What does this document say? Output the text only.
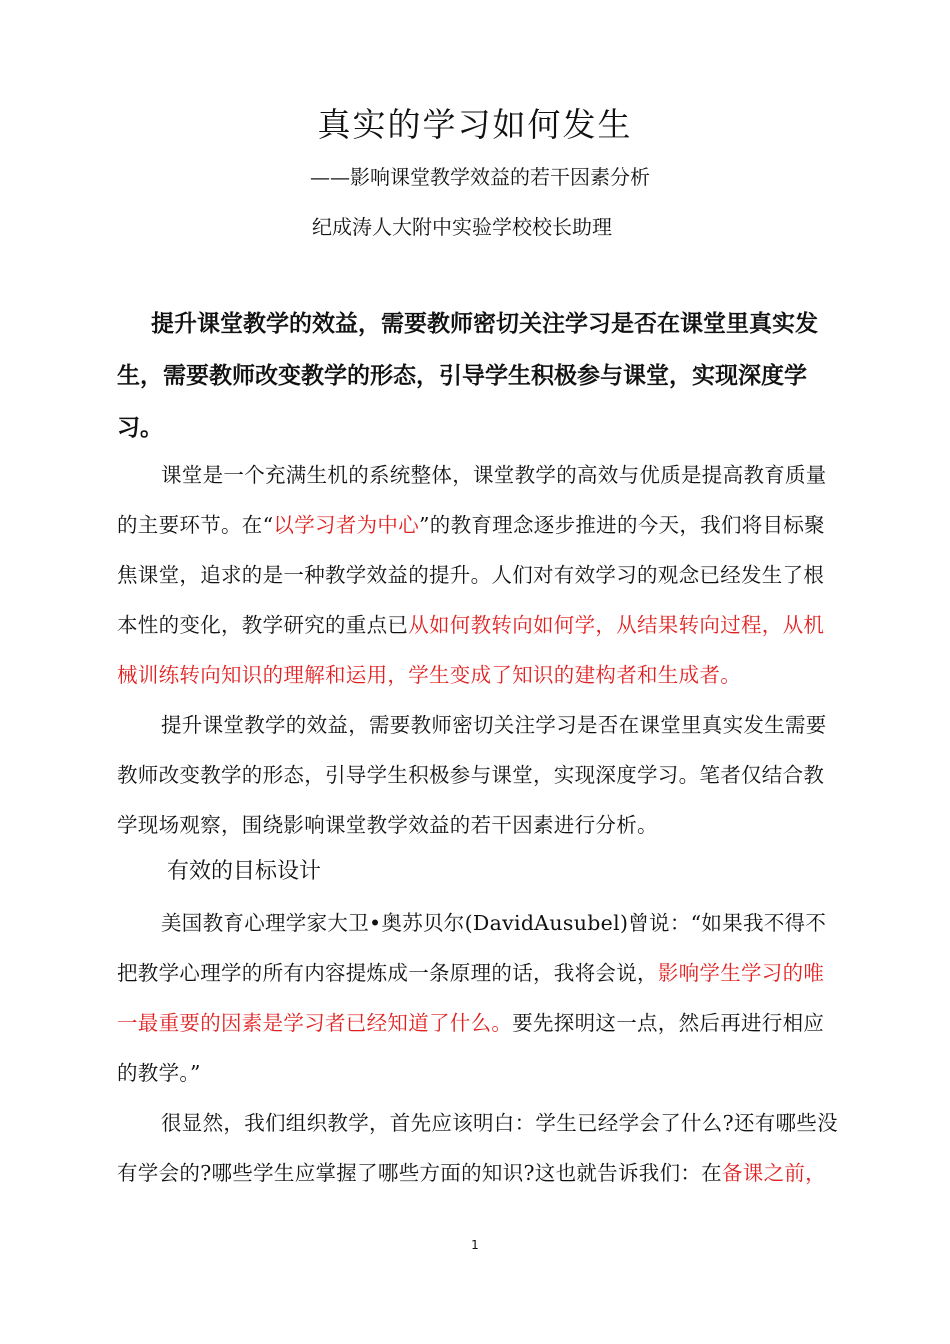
真实的学习如何发生
——影响课堂教学效益的若干因素分析
纪成涛人大附中实验学校校长助理
提升课堂教学的效益，需要教师密切关注学习是否在课堂里真实发生，需要教师改变教学的形态，引导学生积极参与课堂，实现深度学习。
课堂是一个充满生机的系统整体，课堂教学的高效与优质是提高教育质量的主要环节。在“以学习者为中心”的教育理念逐步推进的今天，我们将目标聚焦课堂，追求的是一种教学效益的提升。人们对有效学习的观念已经发生了根本性的变化，教学研究的重点已从如何教转向如何学，从结果转向过程，从机械训练转向知识的理解和运用，学生变成了知识的建构者和生成者。
提升课堂教学的效益，需要教师密切关注学习是否在课堂里真实发生需要教师改变教学的形态，引导学生积极参与课堂，实现深度学习。笔者仅结合教学现场观察，围绕影响课堂教学效益的若干因素进行分析。
有效的目标设计
美国教育心理学家大卫•奥苏贝尔(DavidAusubel)曾说：“如果我不得不把教学心理学的所有内容提炼成一条原理的话，我将会说，影响学生学习的唯一最重要的因素是学习者已经知道了什么。要先探明这一点，然后再进行相应的教学。”
很显然，我们组织教学，首先应该明白：学生已经学会了什么?还有哪些没有学会的?哪些学生应掌握了哪些方面的知识?这也就告诉我们：在备课之前，
1
